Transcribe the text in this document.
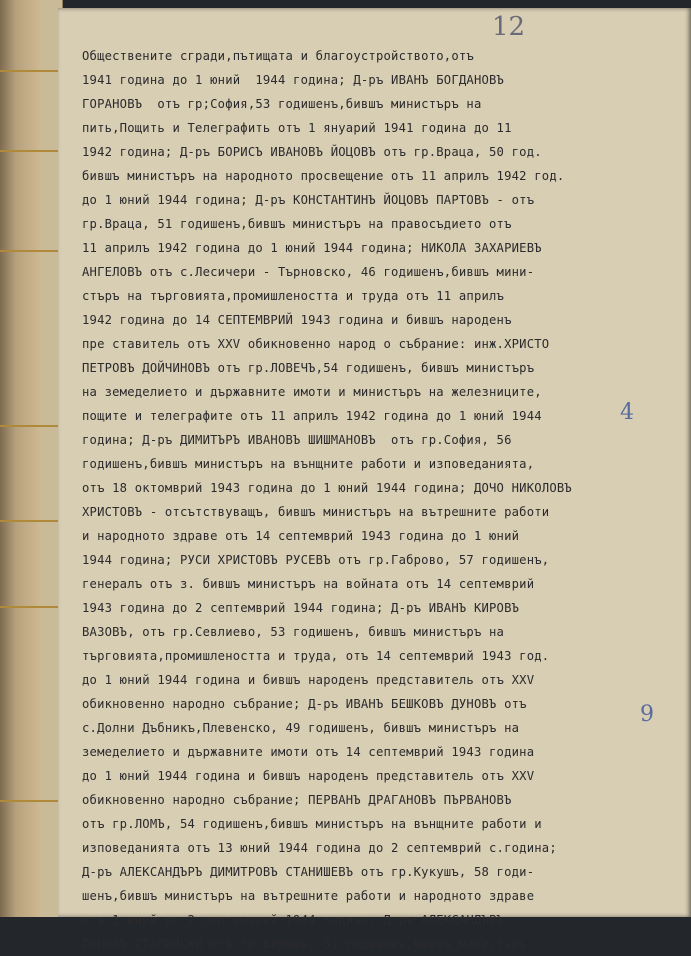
12
4
9
Обществените сгради,пътищата и благоустройството,отъ
1941 година до 1 юний  1944 година; Д-ръ ИВАНЪ БОГДАНОВЪ
ГОРАНОВЪ  отъ гр;София,53 годишенъ,бившъ министъръ на
пить,Пощить и Телеграфить отъ 1 януарий 1941 година до 11
1942 година; Д-ръ БОРИСЪ ИВАНОВЪ ЙОЦОВЪ отъ гр.Враца, 50 год.
бившъ министъръ на народното просвещение отъ 11 априлъ 1942 год.
до 1 юний 1944 година; Д-ръ КОНСТАНТИНЪ ЙОЦОВЪ ПАРТОВЪ - отъ
гр.Враца, 51 годишенъ,бившъ министъръ на правосъдието отъ
11 априлъ 1942 година до 1 юний 1944 година; НИКОЛА ЗАХАРИЕВЪ
АНГЕЛОВЪ отъ с.Лесичери - Търновско, 46 годишенъ,бившъ мини-
стъръ на търговията,промишлеността и труда отъ 11 априлъ
1942 година до 14 СЕПТЕМВРИЙ 1943 година и бившъ народенъ
пре ставитель отъ XXV обикновенно народ о събрание: инж.ХРИСТО
ПЕТРОВЪ ДОЙЧИНОВЪ отъ гр.ЛОВЕЧЪ,54 годишенъ, бившъ министъръ
на земеделието и държавните имоти и министъръ на железниците,
пощите и телеграфите отъ 11 априлъ 1942 година до 1 юний 1944
година; Д-ръ ДИМИТЪРЪ ИВАНОВЪ ШИШМАНОВЪ  отъ гр.София, 56
годишенъ,бившъ министъръ на вънщните работи и изповеданията,
отъ 18 октомврий 1943 година до 1 юний 1944 година; ДОЧО НИКОЛОВЪ
ХРИСТОВЪ - отсътствуващъ, бившъ министъръ на вътрешните работи
и народното здраве отъ 14 септемврий 1943 година до 1 юний
1944 година; РУСИ ХРИСТОВЪ РУСЕВЪ отъ гр.Габрово, 57 годишенъ,
генералъ отъ з. бившъ министъръ на войната отъ 14 септемврий
1943 година до 2 септемврий 1944 година; Д-ръ ИВАНЪ КИРОВЪ
ВАЗОВЪ, отъ гр.Севлиево, 53 годишенъ, бившъ министъръ на
търговията,промишлеността и труда, отъ 14 септемврий 1943 год.
до 1 юний 1944 година и бившъ народенъ представитель отъ XXV
обикновенно народно събрание; Д-ръ ИВАНЪ БЕШКОВЪ ДУНОВЪ отъ
с.Долни Дъбникъ,Плевенско, 49 годишенъ, бившъ министъръ на
земеделието и държавните имоти отъ 14 септемврий 1943 година
до 1 юний 1944 година и бившъ народенъ представитель отъ XXV
обикновенно народно събрание; ПЕРВАНЪ ДРАГАНОВЪ ПЪРВАНОВЪ
отъ гр.ЛОМЪ, 54 годишенъ,бившъ министъръ на вънщните работи и
изповеданията отъ 13 юний 1944 година до 2 септемврий с.година;
Д-ръ АЛЕКСАНДЪРЪ ДИМИТРОВЪ СТАНИШЕВЪ отъ гр.Кукушъ, 58 годи-
шенъ,бившъ министъръ на вътрешните работи и народното здраве
отъ 1 юний до 2 септемврий 1944 година; Д-ръ АЛЕКСАНДЪРЪ
ПАНОВЪ СТАЛИЙСКИ отъ гр.Видинъ, 51 годишенъ,бившъ министъръ
